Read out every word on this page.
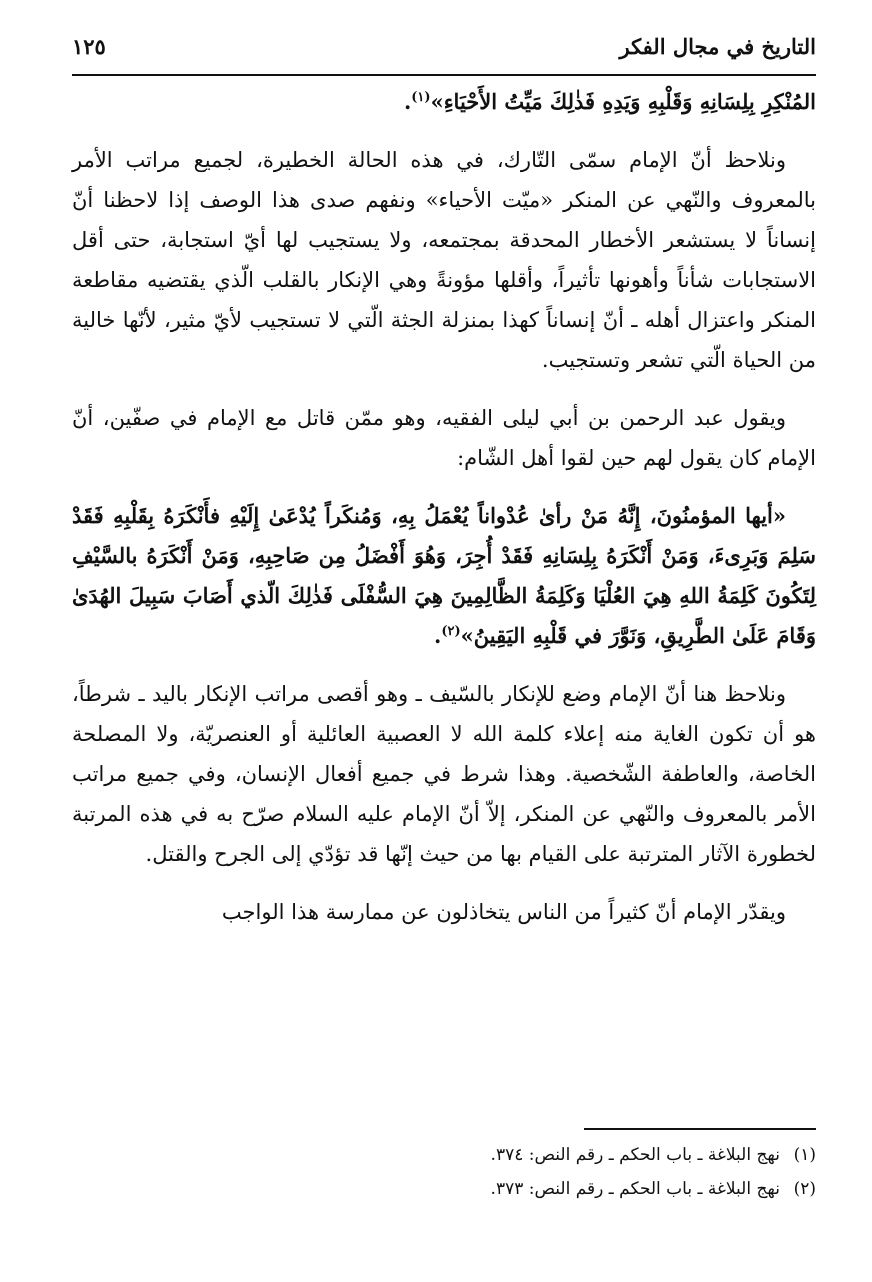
التاريخ في مجال الفكر
١٢٥

المُنْكِرِ بِلِسَانِهِ وَقَلْبِهِ وَيَدِهِ فَذٰلِكَ مَيِّتُ الأَحْيَاءِ»$^{(١)}$.

ونلاحظ أنّ الإمام سمّى التّارك، في هذه الحالة الخطيرة، لجميع مراتب الأمر بالمعروف والنّهي عن المنكر «ميّت الأحياء» ونفهم صدى هذا الوصف إذا لاحظنا أنّ إنساناً لا يستشعر الأخطار المحدقة بمجتمعه، ولا يستجيب لها أيّ استجابة، حتى أقل الاستجابات شأناً وأهونها تأثيراً، وأقلها مؤونةً وهي الإنكار بالقلب الّذي يقتضيه مقاطعة المنكر واعتزال أهله ـ أنّ إنساناً كهذا بمنزلة الجثة الّتي لا تستجيب لأيّ مثير، لأنّها خالية من الحياة الّتي تشعر وتستجيب.

ويقول عبد الرحمن بن أبي ليلى الفقيه، وهو ممّن قاتل مع الإمام في صفّين، أنّ الإمام كان يقول لهم حين لقوا أهل الشّام:

«أيها المؤمنُونَ، إِنَّهُ مَنْ رأىٰ عُدْواناً يُعْمَلُ بِهِ، وَمُنكَراً يُدْعَىٰ إِلَيْهِ فأَنْكَرَهُ بِقَلْبِهِ فَقَدْ سَلِمَ وَبَرِىءَ، وَمَنْ أَنْكَرَهُ بِلِسَانِهِ فَقَدْ أُجِرَ، وَهُوَ أَفْضَلُ مِن صَاحِبِهِ، وَمَنْ أَنْكَرَهُ بالسَّيْفِ لِتَكُونَ كَلِمَةُ اللهِ هِيَ العُلْيَا وَكَلِمَةُ الظَّالِمِينَ هِيَ السُّفْلَى فَذٰلِكَ الّذي أَصَابَ سَبِيلَ الهُدَىٰ وَقَامَ عَلَىٰ الطَّرِيقِ، وَنَوَّرَ في قَلْبِهِ اليَقِينُ»$^{(٢)}$.

ونلاحظ هنا أنّ الإمام وضع للإنكار بالسّيف ـ وهو أقصى مراتب الإنكار باليد ـ شرطاً، هو أن تكون الغاية منه إعلاء كلمة الله لا العصبية العائلية أو العنصريّة، ولا المصلحة الخاصة، والعاطفة الشّخصية. وهذا شرط في جميع أفعال الإنسان، وفي جميع مراتب الأمر بالمعروف والنّهي عن المنكر، إلاّ أنّ الإمام عليه السلام صرّح به في هذه المرتبة لخطورة الآثار المترتبة على القيام بها من حيث إنّها قد تؤدّي إلى الجرح والقتل.

ويقدّر الإمام أنّ كثيراً من الناس يتخاذلون عن ممارسة هذا الواجب

(١)نهج البلاغة ـ باب الحكم ـ رقم النص: ٣٧٤.
(٢)نهج البلاغة ـ باب الحكم ـ رقم النص: ٣٧٣.
